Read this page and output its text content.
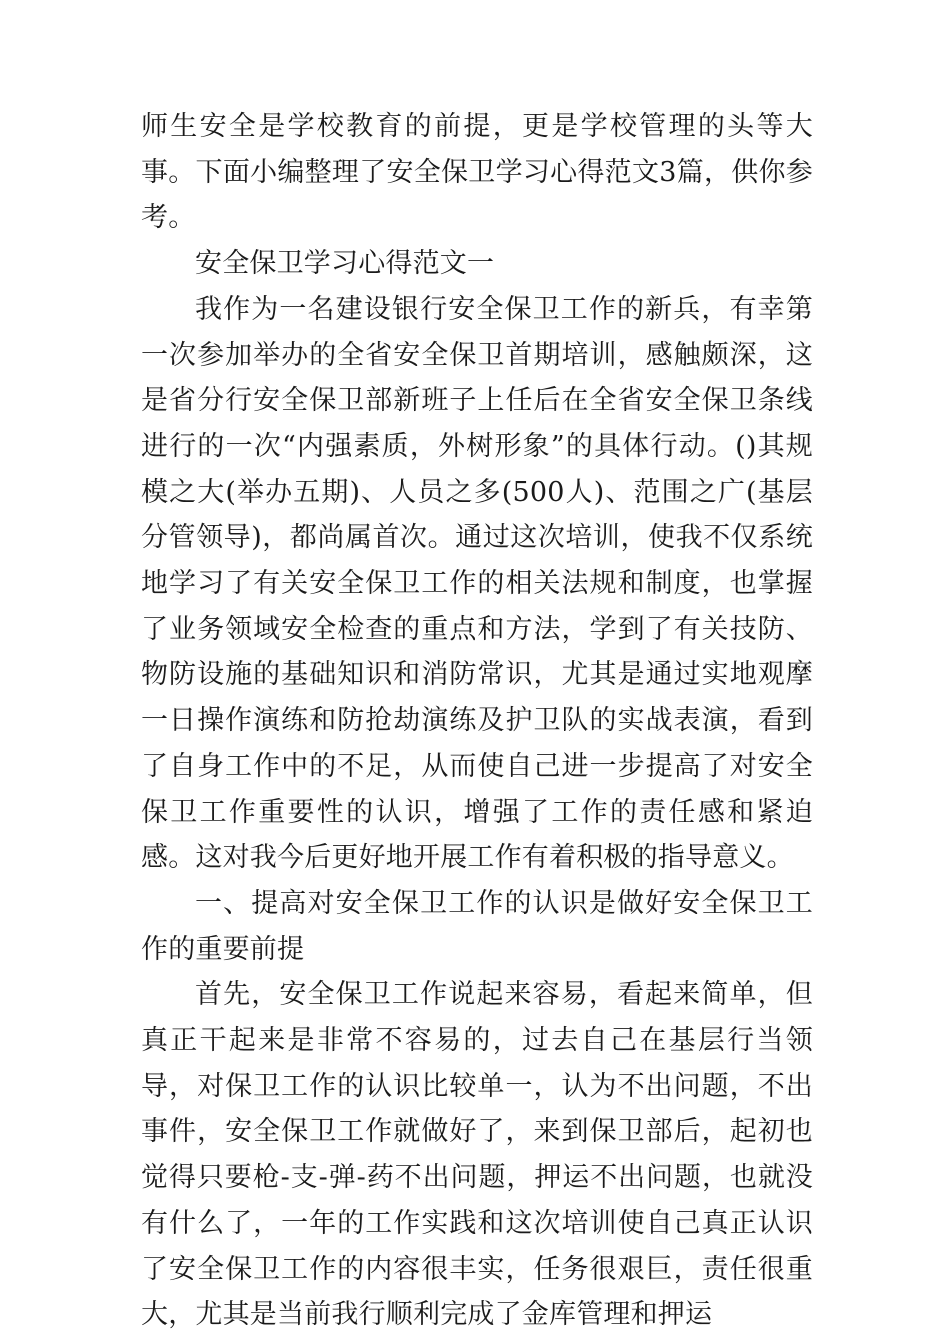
师生安全是学校教育的前提，更是学校管理的头等大事。下面小编整理了安全保卫学习心得范文3篇，供你参考。

安全保卫学习心得范文一

我作为一名建设银行安全保卫工作的新兵，有幸第一次参加举办的全省安全保卫首期培训，感触颇深，这是省分行安全保卫部新班子上任后在全省安全保卫条线进行的一次“内强素质，外树形象”的具体行动。()其规模之大(举办五期)、人员之多(500人)、范围之广(基层分管领导)，都尚属首次。通过这次培训，使我不仅系统地学习了有关安全保卫工作的相关法规和制度，也掌握了业务领域安全检查的重点和方法，学到了有关技防、物防设施的基础知识和消防常识，尤其是通过实地观摩一日操作演练和防抢劫演练及护卫队的实战表演，看到了自身工作中的不足，从而使自己进一步提高了对安全保卫工作重要性的认识，增强了工作的责任感和紧迫感。这对我今后更好地开展工作有着积极的指导意义。

一、提高对安全保卫工作的认识是做好安全保卫工作的重要前提

首先，安全保卫工作说起来容易，看起来简单，但真正干起来是非常不容易的，过去自己在基层行当领导，对保卫工作的认识比较单一，认为不出问题，不出事件，安全保卫工作就做好了，来到保卫部后，起初也觉得只要枪-支-弹-药不出问题，押运不出问题，也就没有什么了，一年的工作实践和这次培训使自己真正认识了安全保卫工作的内容很丰实，任务很艰巨，责任很重大，尤其是当前我行顺利完成了金库管理和押运
